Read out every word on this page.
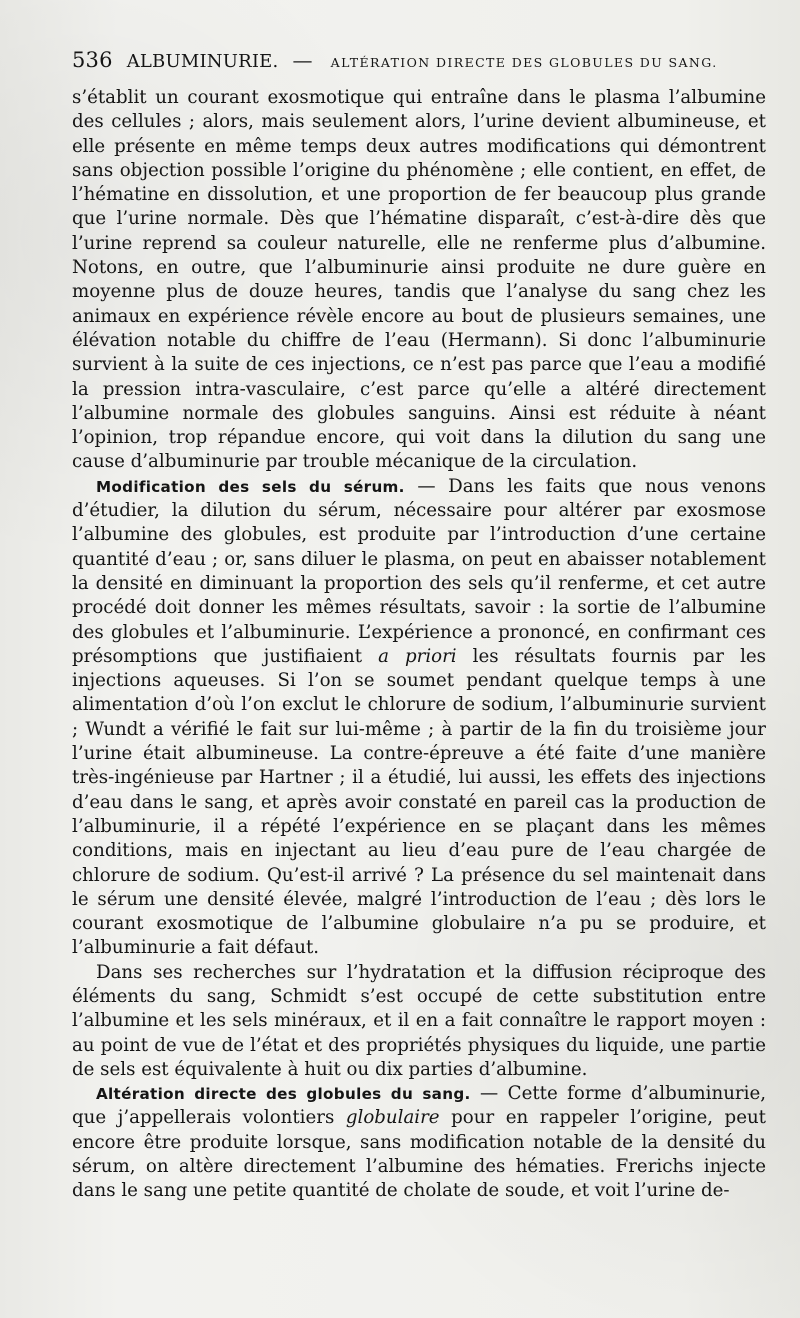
536 ALBUMINURIE. — ALTÉRATION DIRECTE DES GLOBULES DU SANG.

s’établit un courant exosmotique qui entraîne dans le plasma l’albumine des cellules ; alors, mais seulement alors, l’urine devient albumineuse, et elle présente en même temps deux autres modifications qui démontrent sans objection possible l’origine du phénomène ; elle contient, en effet, de l’hématine en dissolution, et une proportion de fer beaucoup plus grande que l’urine normale. Dès que l’hématine disparaît, c’est-à-dire dès que l’urine reprend sa couleur naturelle, elle ne renferme plus d’albumine. Notons, en outre, que l’albuminurie ainsi produite ne dure guère en moyenne plus de douze heures, tandis que l’analyse du sang chez les animaux en expérience révèle encore au bout de plusieurs semaines, une élévation notable du chiffre de l’eau (Hermann). Si donc l’albuminurie survient à la suite de ces injections, ce n’est pas parce que l’eau a modifié la pression intra-vasculaire, c’est parce qu’elle a altéré directement l’albumine normale des globules sanguins. Ainsi est réduite à néant l’opinion, trop répandue encore, qui voit dans la dilution du sang une cause d’albuminurie par trouble mécanique de la circulation.

Modification des sels du sérum. — Dans les faits que nous venons d’étudier, la dilution du sérum, nécessaire pour altérer par exosmose l’albumine des globules, est produite par l’introduction d’une certaine quantité d’eau ; or, sans diluer le plasma, on peut en abaisser notablement la densité en diminuant la proportion des sels qu’il renferme, et cet autre procédé doit donner les mêmes résultats, savoir : la sortie de l’albumine des globules et l’albuminurie. L’expérience a prononcé, en confirmant ces présomptions que justifiaient a priori les résultats fournis par les injections aqueuses. Si l’on se soumet pendant quelque temps à une alimentation d’où l’on exclut le chlorure de sodium, l’albuminurie survient ; Wundt a vérifié le fait sur lui-même ; à partir de la fin du troisième jour l’urine était albumineuse. La contre-épreuve a été faite d’une manière très-ingénieuse par Hartner ; il a étudié, lui aussi, les effets des injections d’eau dans le sang, et après avoir constaté en pareil cas la production de l’albuminurie, il a répété l’expérience en se plaçant dans les mêmes conditions, mais en injectant au lieu d’eau pure de l’eau chargée de chlorure de sodium. Qu’est-il arrivé ? La présence du sel maintenait dans le sérum une densité élevée, malgré l’introduction de l’eau ; dès lors le courant exosmotique de l’albumine globulaire n’a pu se produire, et l’albuminurie a fait défaut.

Dans ses recherches sur l’hydratation et la diffusion réciproque des éléments du sang, Schmidt s’est occupé de cette substitution entre l’albumine et les sels minéraux, et il en a fait connaître le rapport moyen : au point de vue de l’état et des propriétés physiques du liquide, une partie de sels est équivalente à huit ou dix parties d’albumine.

Altération directe des globules du sang. — Cette forme d’albuminurie, que j’appellerais volontiers globulaire pour en rappeler l’origine, peut encore être produite lorsque, sans modification notable de la densité du sérum, on altère directement l’albumine des hématies. Frerichs injecte dans le sang une petite quantité de cholate de soude, et voit l’urine de-
